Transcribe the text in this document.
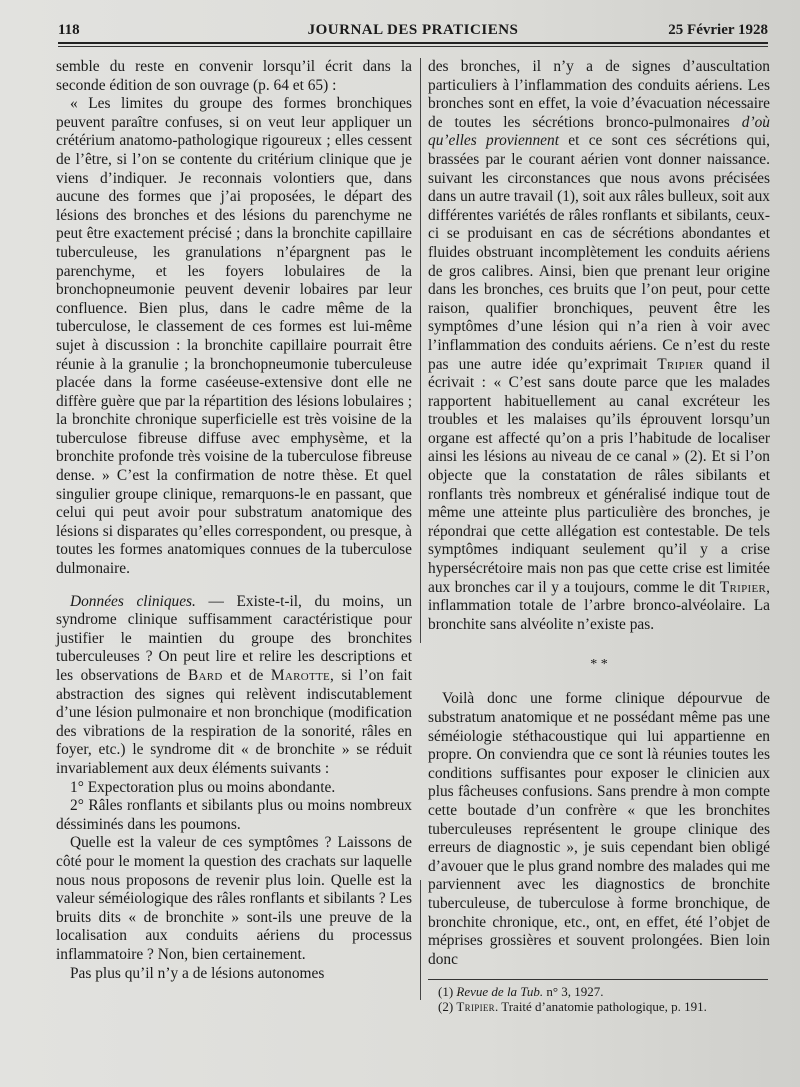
118	JOURNAL DES PRATICIENS	25 Février 1928

semble du reste en convenir lorsqu’il écrit dans la seconde édition de son ouvrage (p. 64 et 65) :

« Les limites du groupe des formes bronchiques peuvent paraître confuses, si on veut leur appliquer un crétérium anatomo-pathologique rigoureux ; elles cessent de l’être, si l’on se contente du critérium clinique que je viens d’indiquer. Je reconnais volontiers que, dans aucune des formes que j’ai proposées, le départ des lésions des bronches et des lésions du parenchyme ne peut être exactement précisé ; dans la bronchite capillaire tuberculeuse, les granulations n’épargnent pas le parenchyme, et les foyers lobulaires de la bronchopneumonie peuvent devenir lobaires par leur confluence. Bien plus, dans le cadre même de la tuberculose, le classement de ces formes est lui-même sujet à discussion : la bronchite capillaire pourrait être réunie à la granulie ; la bronchopneumonie tuberculeuse placée dans la forme caséeuse-extensive dont elle ne diffère guère que par la répartition des lésions lobulaires ; la bronchite chronique superficielle est très voisine de la tuberculose fibreuse diffuse avec emphysème, et la bronchite profonde très voisine de la tuberculose fibreuse dense. » C’est la confirmation de notre thèse. Et quel singulier groupe clinique, remarquons-le en passant, que celui qui peut avoir pour substratum anatomique des lésions si disparates qu’elles correspondent, ou presque, à toutes les formes anatomiques connues de la tuberculose dulmonaire.

Données cliniques. — Existe-t-il, du moins, un syndrome clinique suffisamment caractéristique pour justifier le maintien du groupe des bronchites tuberculeuses ? On peut lire et relire les descriptions et les observations de Bard et de Marotte, si l’on fait abstraction des signes qui relèvent indiscutablement d’une lésion pulmonaire et non bronchique (modification des vibrations de la respiration de la sonorité, râles en foyer, etc.) le syndrome dit « de bronchite » se réduit invariablement aux deux éléments suivants :

1° Expectoration plus ou moins abondante.

2° Râles ronflants et sibilants plus ou moins nombreux déssiminés dans les poumons.

Quelle est la valeur de ces symptômes ? Laissons de côté pour le moment la question des crachats sur laquelle nous nous proposons de revenir plus loin. Quelle est la valeur séméiologique des râles ronflants et sibilants ? Les bruits dits « de bronchite » sont-ils une preuve de la localisation aux conduits aériens du processus inflammatoire ? Non, bien certainement.

Pas plus qu’il n’y a de lésions autonomes

des bronches, il n’y a de signes d’auscultation particuliers à l’inflammation des conduits aériens. Les bronches sont en effet, la voie d’évacuation nécessaire de toutes les sécrétions bronco-pulmonaires d’où qu’elles proviennent et ce sont ces sécrétions qui, brassées par le courant aérien vont donner naissance. suivant les circonstances que nous avons précisées dans un autre travail (1), soit aux râles bulleux, soit aux différentes variétés de râles ronflants et sibilants, ceux-ci se produisant en cas de sécrétions abondantes et fluides obstruant incomplètement les conduits aériens de gros calibres. Ainsi, bien que prenant leur origine dans les bronches, ces bruits que l’on peut, pour cette raison, qualifier bronchiques, peuvent être les symptômes d’une lésion qui n’a rien à voir avec l’inflammation des conduits aériens. Ce n’est du reste pas une autre idée qu’exprimait Tripier quand il écrivait : « C’est sans doute parce que les malades rapportent habituellement au canal excréteur les troubles et les malaises qu’ils éprouvent lorsqu’un organe est affecté qu’on a pris l’habitude de localiser ainsi les lésions au niveau de ce canal » (2). Et si l’on objecte que la constatation de râles sibilants et ronflants très nombreux et généralisé indique tout de même une atteinte plus particulière des bronches, je répondrai que cette allégation est contestable. De tels symptômes indiquant seulement qu’il y a crise hypersécrétoire mais non pas que cette crise est limitée aux bronches car il y a toujours, comme le dit Tripier, inflammation totale de l’arbre bronco-alvéolaire. La bronchite sans alvéolite n’existe pas.

* *

Voilà donc une forme clinique dépourvue de substratum anatomique et ne possédant même pas une séméiologie stéthacoustique qui lui appartienne en propre. On conviendra que ce sont là réunies toutes les conditions suffisantes pour exposer le clinicien aux plus fâcheuses confusions. Sans prendre à mon compte cette boutade d’un confrère « que les bronchites tuberculeuses représentent le groupe clinique des erreurs de diagnostic », je suis cependant bien obligé d’avouer que le plus grand nombre des malades qui me parviennent avec les diagnostics de bronchite tuberculeuse, de tuberculose à forme bronchique, de bronchite chronique, etc., ont, en effet, été l’objet de méprises grossières et souvent prolongées. Bien loin donc

(1) Revue de la Tub. n° 3, 1927.
(2) Tripier. Traité d’anatomie pathologique, p. 191.
